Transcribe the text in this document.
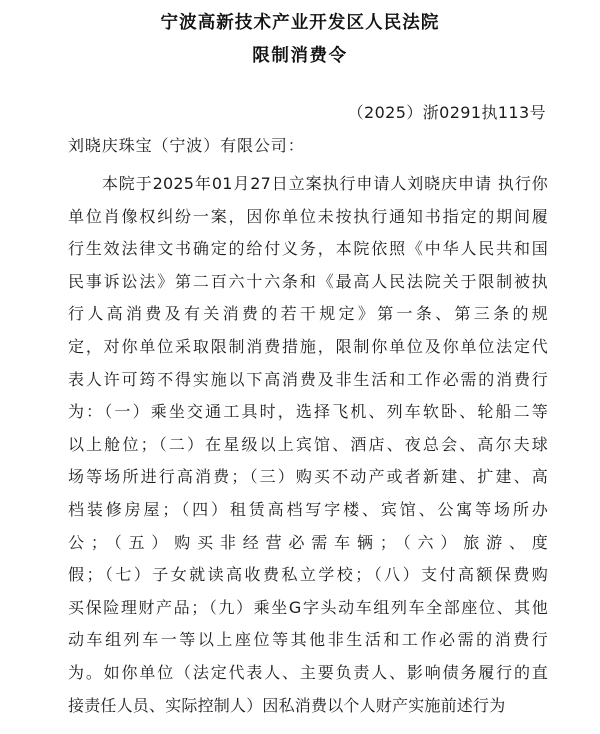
宁波高新技术产业开发区人民法院
限制消费令
（2025）浙0291执113号
刘晓庆珠宝（宁波）有限公司：
　　本院于2025年01月27日立案执行申请人刘晓庆申请 执行你
单位肖像权纠纷一案，因你单位未按执行通知书指定的期间履
行生效法律文书确定的给付义务，本院依照《中华人民共和国
民事诉讼法》第二百六十六条和《最高人民法院关于限制被执
行人高消费及有关消费的若干规定》第一条、第三条的规
定，对你单位采取限制消费措施，限制你单位及你单位法定代
表人许可筠不得实施以下高消费及非生活和工作必需的消费行
为：（一）乘坐交通工具时，选择飞机、列车软卧、轮船二等
以上舱位；（二）在星级以上宾馆、酒店、夜总会、高尔夫球
场等场所进行高消费；（三）购买不动产或者新建、扩建、高
档装修房屋；（四）租赁高档写字楼、宾馆、公寓等场所办
公；（五）购买非经营必需车辆；（六）旅游、度
假；（七）子女就读高收费私立学校；（八）支付高额保费购
买保险理财产品；（九）乘坐G字头动车组列车全部座位、其他
动车组列车一等以上座位等其他非生活和工作必需的消费行
为。如你单位（法定代表人、主要负责人、影响债务履行的直
接责任人员、实际控制人）因私消费以个人财产实施前述行为
